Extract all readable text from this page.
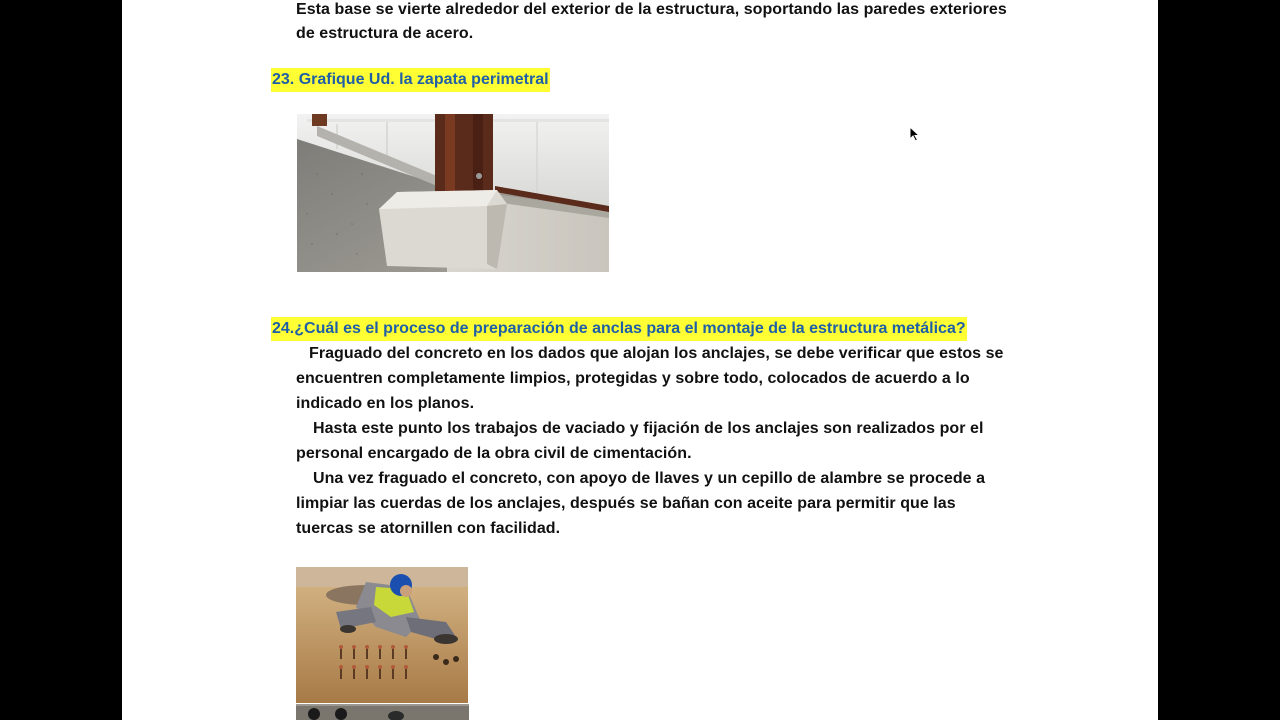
Esta base se vierte alrededor del exterior de la estructura, soportando las paredes exteriores
de estructura de acero.
23. Grafique Ud. la zapata perimetral
24.¿Cuál es el proceso de preparación de anclas para el montaje de la estructura metálica?
Fraguado del concreto en los dados que alojan los anclajes, se debe verificar que estos se
encuentren completamente limpios, protegidas y sobre todo, colocados de acuerdo a lo
indicado en los planos.
Hasta este punto los trabajos de vaciado y fijación de los anclajes son realizados por el
personal encargado de la obra civil de cimentación.
Una vez fraguado el concreto, con apoyo de llaves y un cepillo de alambre se procede a
limpiar las cuerdas de los anclajes, después se bañan con aceite para permitir que las
tuercas se atornillen con facilidad.
